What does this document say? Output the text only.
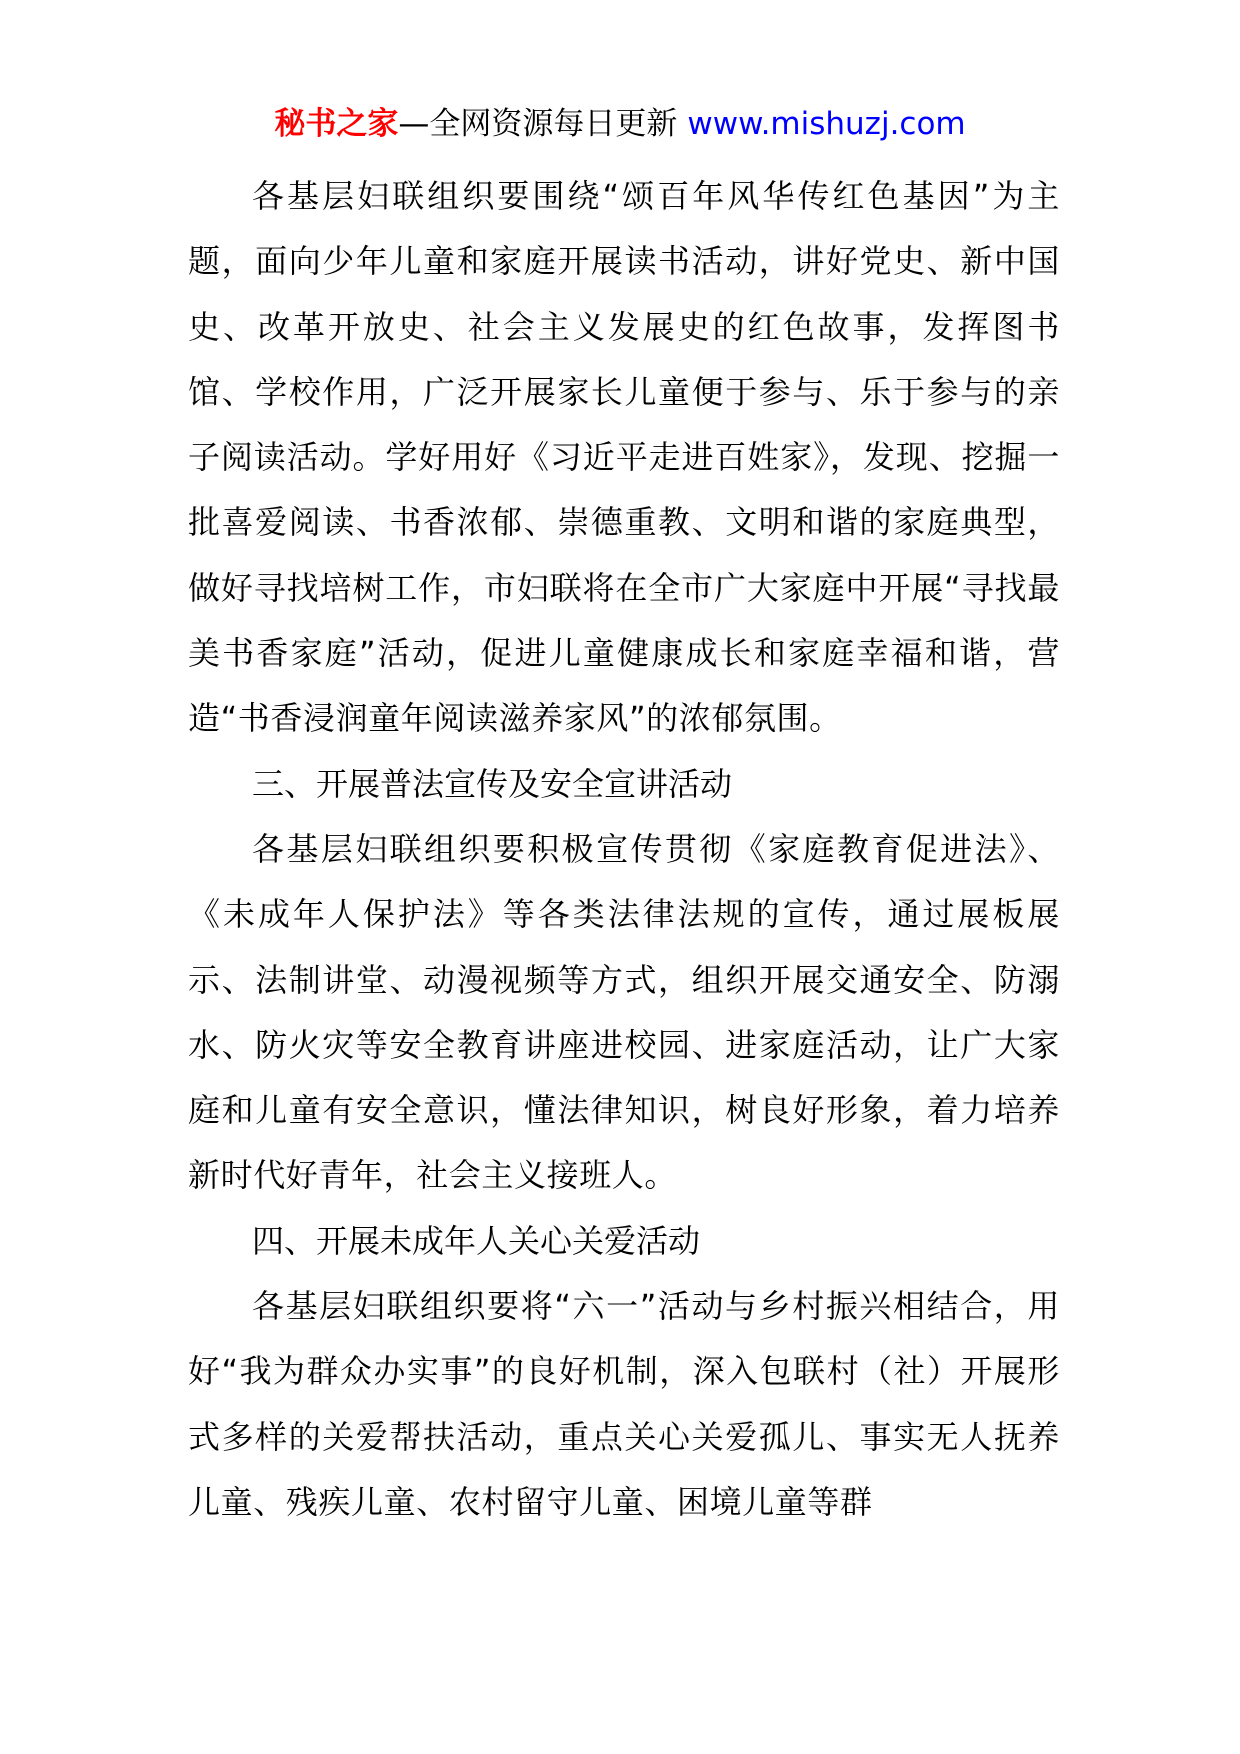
秘书之家—全网资源每日更新 www.mishuzj.com

各基层妇联组织要围绕“颂百年风华传红色基因”为主题，面向少年儿童和家庭开展读书活动，讲好党史、新中国史、改革开放史、社会主义发展史的红色故事，发挥图书馆、学校作用，广泛开展家长儿童便于参与、乐于参与的亲子阅读活动。学好用好《习近平走进百姓家》，发现、挖掘一批喜爱阅读、书香浓郁、崇德重教、文明和谐的家庭典型，做好寻找培树工作，市妇联将在全市广大家庭中开展“寻找最美书香家庭”活动，促进儿童健康成长和家庭幸福和谐，营造“书香浸润童年阅读滋养家风”的浓郁氛围。

三、开展普法宣传及安全宣讲活动

各基层妇联组织要积极宣传贯彻《家庭教育促进法》、《未成年人保护法》等各类法律法规的宣传，通过展板展示、法制讲堂、动漫视频等方式，组织开展交通安全、防溺水、防火灾等安全教育讲座进校园、进家庭活动，让广大家庭和儿童有安全意识，懂法律知识，树良好形象，着力培养新时代好青年，社会主义接班人。

四、开展未成年人关心关爱活动

各基层妇联组织要将“六一”活动与乡村振兴相结合，用好“我为群众办实事”的良好机制，深入包联村（社）开展形式多样的关爱帮扶活动，重点关心关爱孤儿、事实无人抚养儿童、残疾儿童、农村留守儿童、困境儿童等群
